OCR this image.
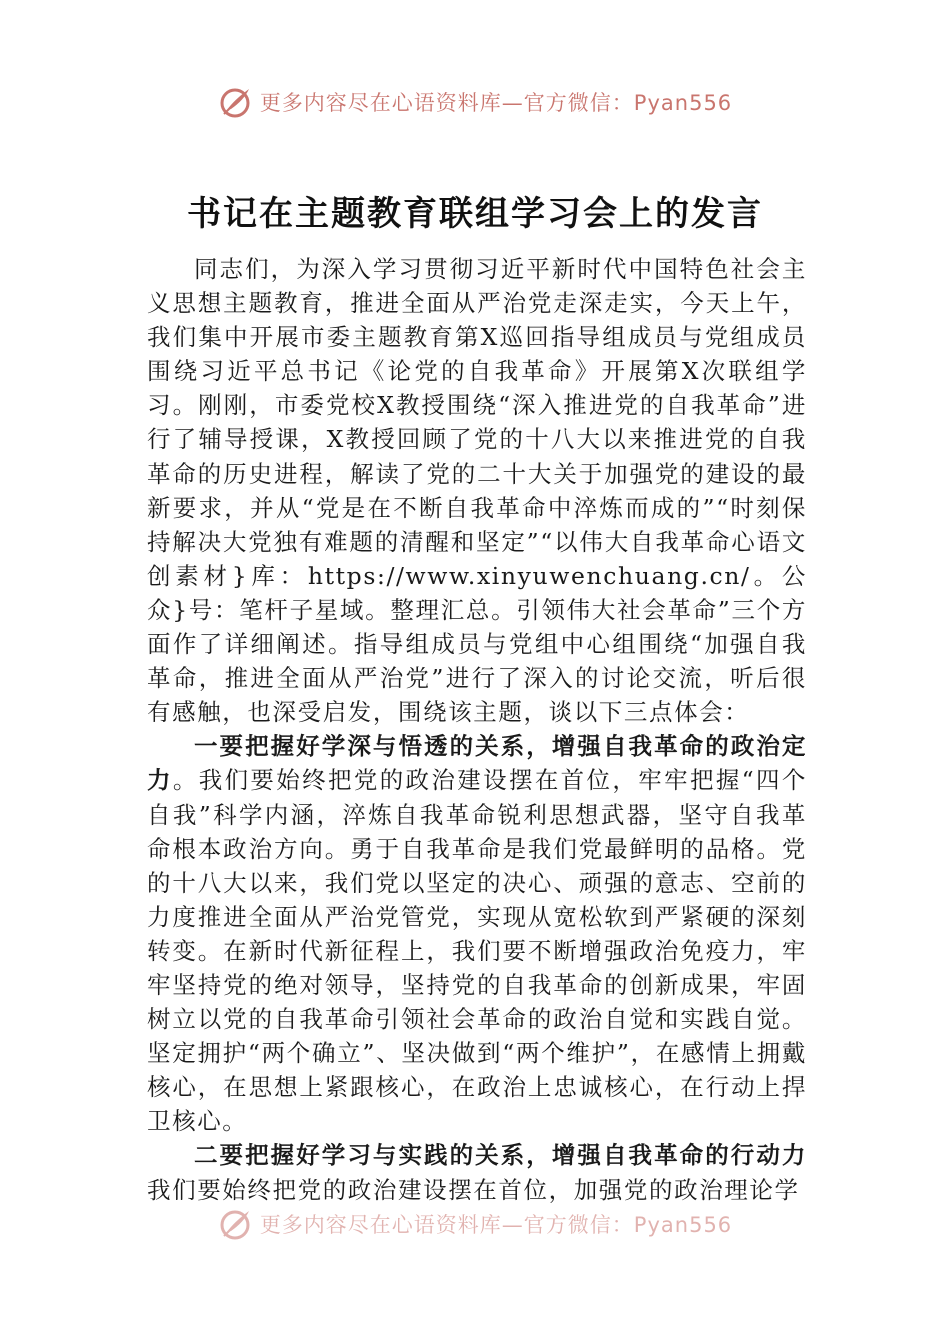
更多内容尽在心语资料库—官方微信：Pyan556
书记在主题教育联组学习会上的发言

同志们，为深入学习贯彻习近平新时代中国特色社会主义思想主题教育，推进全面从严治党走深走实，今天上午，我们集中开展市委主题教育第X巡回指导组成员与党组成员围绕习近平总书记《论党的自我革命》开展第X次联组学习。刚刚，市委党校X教授围绕“深入推进党的自我革命”进行了辅导授课，X教授回顾了党的十八大以来推进党的自我革命的历史进程，解读了党的二十大关于加强党的建设的最新要求，并从“党是在不断自我革命中淬炼而成的”“时刻保持解决大党独有难题的清醒和坚定”“以伟大自我革命心语文创素材}库：https://www.xinyuwenchuang.cn/。公众}号：笔杆子星域。整理汇总。引领伟大社会革命”三个方面作了详细阐述。指导组成员与党组中心组围绕“加强自我革命，推进全面从严治党”进行了深入的讨论交流，听后很有感触，也深受启发，围绕该主题，谈以下三点体会：

一要把握好学深与悟透的关系，增强自我革命的政治定力。我们要始终把党的政治建设摆在首位，牢牢把握“四个自我”科学内涵，淬炼自我革命锐利思想武器，坚守自我革命根本政治方向。勇于自我革命是我们党最鲜明的品格。党的十八大以来，我们党以坚定的决心、顽强的意志、空前的力度推进全面从严治党管党，实现从宽松软到严紧硬的深刻转变。在新时代新征程上，我们要不断增强政治免疫力，牢牢坚持党的绝对领导，坚持党的自我革命的创新成果，牢固树立以党的自我革命引领社会革命的政治自觉和实践自觉。坚定拥护“两个确立”、坚决做到“两个维护”，在感情上拥戴核心，在思想上紧跟核心，在政治上忠诚核心，在行动上捍卫核心。

二要把握好学习与实践的关系，增强自我革命的行动力我们要始终把党的政治建设摆在首位，加强党的政治理论学

更多内容尽在心语资料库—官方微信：Pyan556
